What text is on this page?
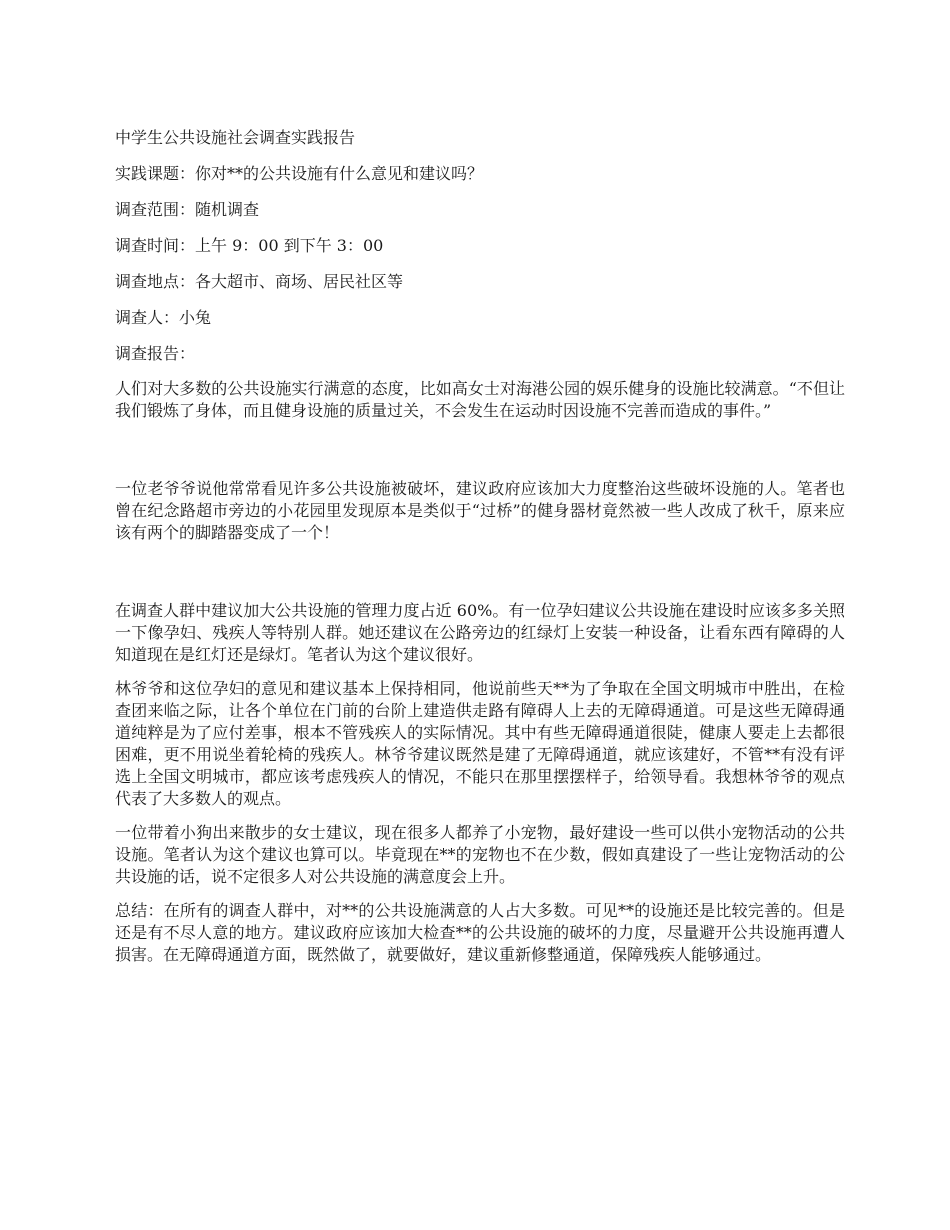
中学生公共设施社会调查实践报告

实践课题：你对**的公共设施有什么意见和建议吗？

调查范围：随机调查

调查时间：上午 9：00 到下午 3：00

调查地点：各大超市、商场、居民社区等

调查人：小兔

调查报告：

人们对大多数的公共设施实行满意的态度，比如高女士对海港公园的娱乐健身的设施比较满意。“不但让我们锻炼了身体，而且健身设施的质量过关，不会发生在运动时因设施不完善而造成的事件。”

一位老爷爷说他常常看见许多公共设施被破坏，建议政府应该加大力度整治这些破坏设施的人。笔者也曾在纪念路超市旁边的小花园里发现原本是类似于“过桥”的健身器材竟然被一些人改成了秋千，原来应该有两个的脚踏器变成了一个！

在调查人群中建议加大公共设施的管理力度占近 60%。有一位孕妇建议公共设施在建设时应该多多关照一下像孕妇、残疾人等特别人群。她还建议在公路旁边的红绿灯上安装一种设备，让看东西有障碍的人知道现在是红灯还是绿灯。笔者认为这个建议很好。

林爷爷和这位孕妇的意见和建议基本上保持相同，他说前些天**为了争取在全国文明城市中胜出，在检查团来临之际，让各个单位在门前的台阶上建造供走路有障碍人上去的无障碍通道。可是这些无障碍通道纯粹是为了应付差事，根本不管残疾人的实际情况。其中有些无障碍通道很陡，健康人要走上去都很困难，更不用说坐着轮椅的残疾人。林爷爷建议既然是建了无障碍通道，就应该建好，不管**有没有评选上全国文明城市，都应该考虑残疾人的情况，不能只在那里摆摆样子，给领导看。我想林爷爷的观点代表了大多数人的观点。

一位带着小狗出来散步的女士建议，现在很多人都养了小宠物，最好建设一些可以供小宠物活动的公共设施。笔者认为这个建议也算可以。毕竟现在**的宠物也不在少数，假如真建设了一些让宠物活动的公共设施的话，说不定很多人对公共设施的满意度会上升。

总结：在所有的调查人群中，对**的公共设施满意的人占大多数。可见**的设施还是比较完善的。但是还是有不尽人意的地方。建议政府应该加大检查**的公共设施的破坏的力度，尽量避开公共设施再遭人损害。在无障碍通道方面，既然做了，就要做好，建议重新修整通道，保障残疾人能够通过。
